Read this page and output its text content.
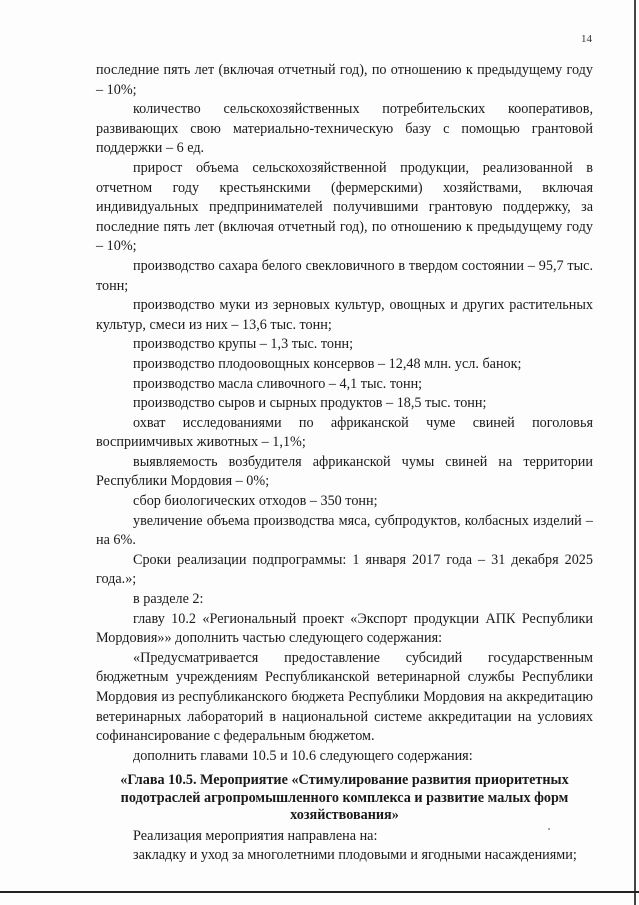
14

последние пять лет (включая отчетный год), по отношению к предыдущему году – 10%;

количество сельскохозяйственных потребительских кооперативов, развивающих свою материально-техническую базу с помощью грантовой поддержки – 6 ед.

прирост объема сельскохозяйственной продукции, реализованной в отчетном году крестьянскими (фермерскими) хозяйствами, включая индивидуальных предпринимателей получившими грантовую поддержку, за последние пять лет (включая отчетный год), по отношению к предыдущему году – 10%;

производство сахара белого свекловичного в твердом состоянии – 95,7 тыс. тонн;

производство муки из зерновых культур, овощных и других растительных культур, смеси из них – 13,6 тыс. тонн;

производство крупы – 1,3 тыс. тонн;

производство плодоовощных консервов – 12,48 млн. усл. банок;

производство масла сливочного – 4,1 тыс. тонн;

производство сыров и сырных продуктов – 18,5 тыс. тонн;

охват исследованиями по африканской чуме свиней поголовья восприимчивых животных – 1,1%;

выявляемость возбудителя африканской чумы свиней на территории Республики Мордовия – 0%;

сбор биологических отходов – 350 тонн;

увеличение объема производства мяса, субпродуктов, колбасных изделий – на 6%.

Сроки реализации подпрограммы: 1 января 2017 года – 31 декабря 2025 года.»;

в разделе 2:

главу 10.2 «Региональный проект «Экспорт продукции АПК Республики Мордовия»» дополнить частью следующего содержания:

«Предусматривается предоставление субсидий государственным бюджетным учреждениям Республиканской ветеринарной службы Республики Мордовия из республиканского бюджета Республики Мордовия на аккредитацию ветеринарных лабораторий в национальной системе аккредитации на условиях софинансирование с федеральным бюджетом.

дополнить главами 10.5 и 10.6 следующего содержания:

«Глава 10.5. Мероприятие «Стимулирование развития приоритетных подотраслей агропромышленного комплекса и развитие малых форм хозяйствования»

Реализация мероприятия направлена на:

закладку и уход за многолетними плодовыми и ягодными насаждениями;
